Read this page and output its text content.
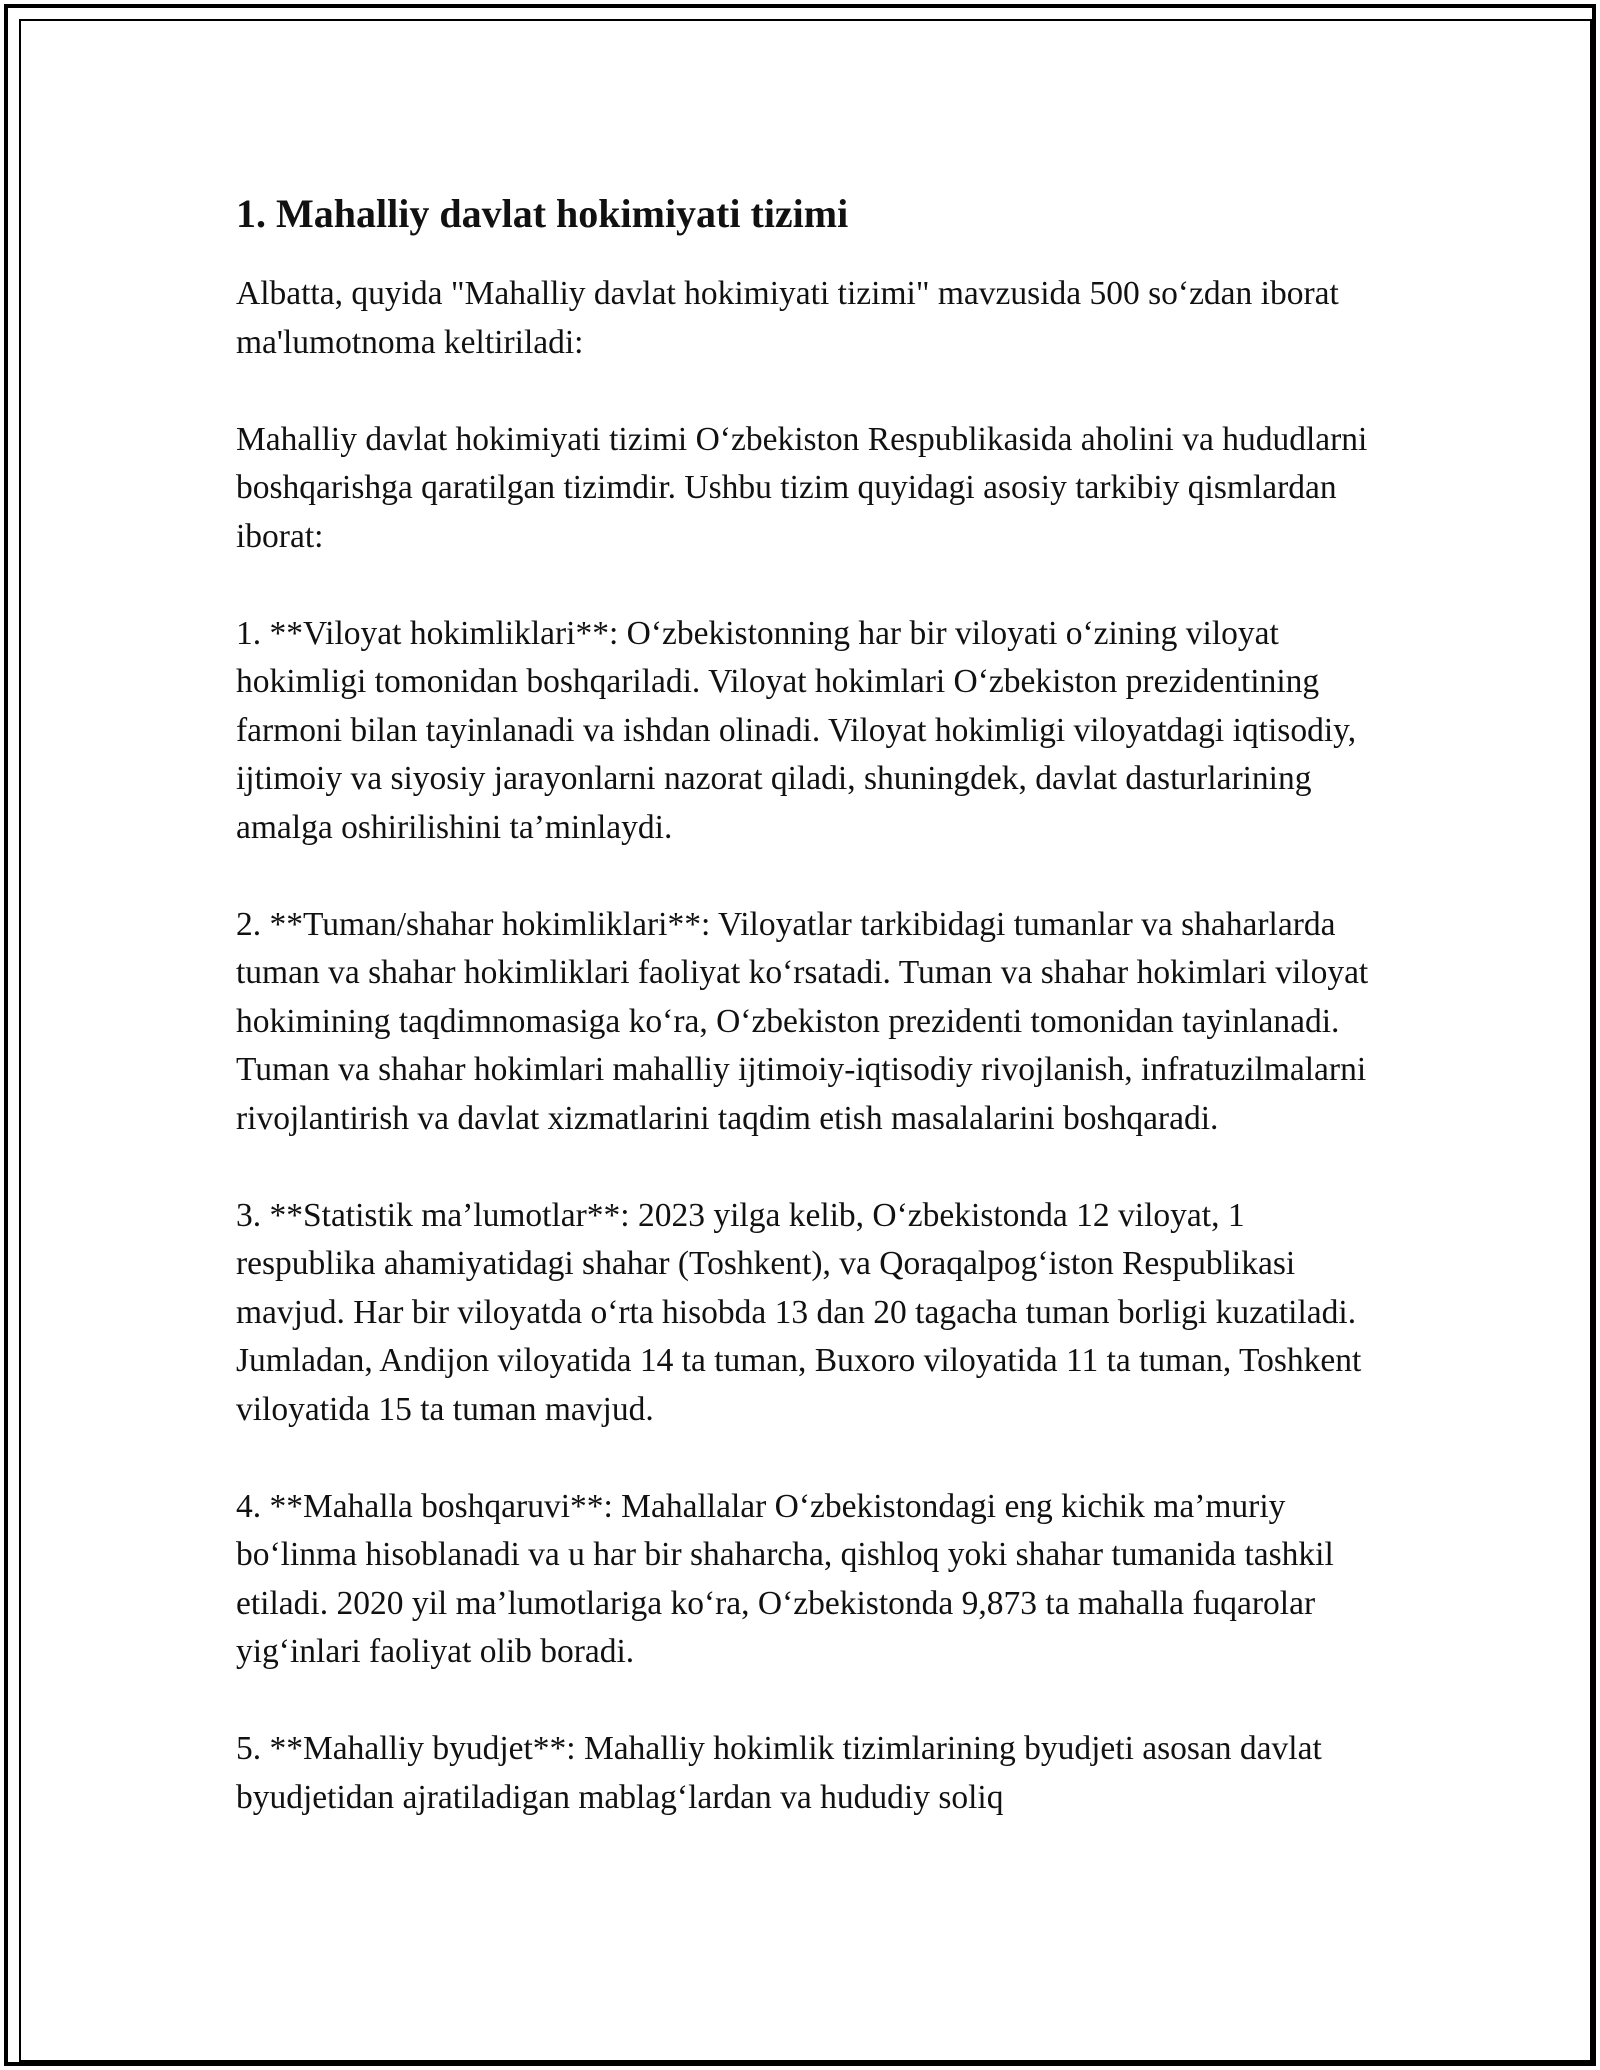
1. Mahalliy davlat hokimiyati tizimi

Albatta, quyida "Mahalliy davlat hokimiyati tizimi" mavzusida 500 so‘zdan iborat ma'lumotnoma keltiriladi:

Mahalliy davlat hokimiyati tizimi O‘zbekiston Respublikasida aholini va hududlarni boshqarishga qaratilgan tizimdir. Ushbu tizim quyidagi asosiy tarkibiy qismlardan iborat:

1. **Viloyat hokimliklari**: O‘zbekistonning har bir viloyati o‘zining viloyat hokimligi tomonidan boshqariladi. Viloyat hokimlari O‘zbekiston prezidentining farmoni bilan tayinlanadi va ishdan olinadi. Viloyat hokimligi viloyatdagi iqtisodiy, ijtimoiy va siyosiy jarayonlarni nazorat qiladi, shuningdek, davlat dasturlarining amalga oshirilishini ta’minlaydi.

2. **Tuman/shahar hokimliklari**: Viloyatlar tarkibidagi tumanlar va shaharlarda tuman va shahar hokimliklari faoliyat ko‘rsatadi. Tuman va shahar hokimlari viloyat hokimining taqdimnomasiga ko‘ra, O‘zbekiston prezidenti tomonidan tayinlanadi. Tuman va shahar hokimlari mahalliy ijtimoiy-iqtisodiy rivojlanish, infratuzilmalarni rivojlantirish va davlat xizmatlarini taqdim etish masalalarini boshqaradi.

3. **Statistik ma’lumotlar**: 2023 yilga kelib, O‘zbekistonda 12 viloyat, 1 respublika ahamiyatidagi shahar (Toshkent), va Qoraqalpog‘iston Respublikasi mavjud. Har bir viloyatda o‘rta hisobda 13 dan 20 tagacha tuman borligi kuzatiladi. Jumladan, Andijon viloyatida 14 ta tuman, Buxoro viloyatida 11 ta tuman, Toshkent viloyatida 15 ta tuman mavjud.

4. **Mahalla boshqaruvi**: Mahallalar O‘zbekistondagi eng kichik ma’muriy bo‘linma hisoblanadi va u har bir shaharcha, qishloq yoki shahar tumanida tashkil etiladi. 2020 yil ma’lumotlariga ko‘ra, O‘zbekistonda 9,873 ta mahalla fuqarolar yig‘inlari faoliyat olib boradi.

5. **Mahalliy byudjet**: Mahalliy hokimlik tizimlarining byudjeti asosan davlat byudjetidan ajratiladigan mablag‘lardan va hududiy soliq
